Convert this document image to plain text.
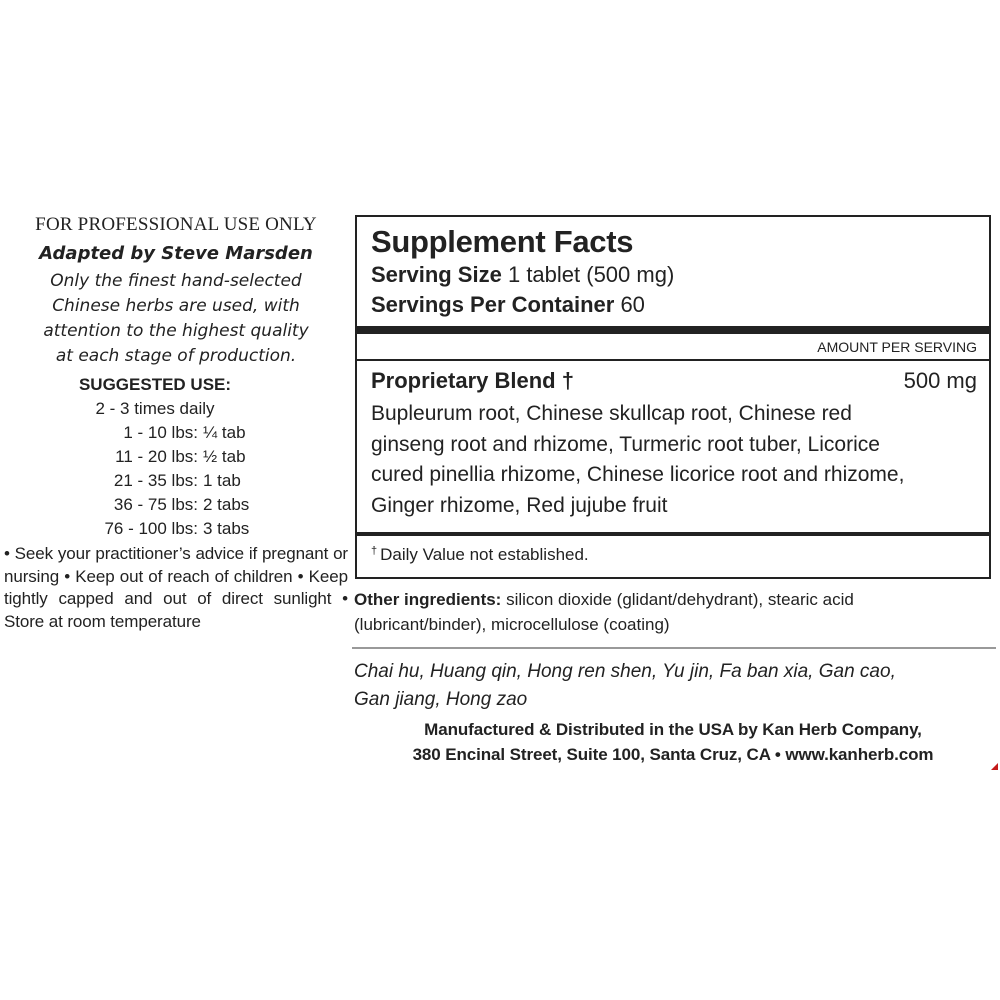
FOR PROFESSIONAL USE ONLY
Adapted by Steve Marsden
Only the finest hand-selected
Chinese herbs are used, with
attention to the highest quality
at each stage of production.
SUGGESTED USE:
2 - 3 times daily
1 - 10 lbs: ¼ tab
11 - 20 lbs: ½ tab
21 - 35 lbs: 1 tab
36 - 75 lbs: 2 tabs
76 - 100 lbs: 3 tabs
• Seek your practitioner’s advice if pregnant or nursing • Keep out of reach of children • Keep tightly capped and out of direct sunlight • Store at room temperature
Supplement Facts
Serving Size 1 tablet (500 mg)
Servings Per Container 60
AMOUNT PER SERVING
Proprietary Blend †	500 mg
Bupleurum root, Chinese skullcap root, Chinese red
ginseng root and rhizome, Turmeric root tuber, Licorice
cured pinellia rhizome, Chinese licorice root and rhizome,
Ginger rhizome, Red jujube fruit
† Daily Value not established.
Other ingredients: silicon dioxide (glidant/dehydrant), stearic acid
(lubricant/binder), microcellulose (coating)
Chai hu, Huang qin, Hong ren shen, Yu jin, Fa ban xia, Gan cao,
Gan jiang, Hong zao
Manufactured & Distributed in the USA by Kan Herb Company,
380 Encinal Street, Suite 100, Santa Cruz, CA • www.kanherb.com
